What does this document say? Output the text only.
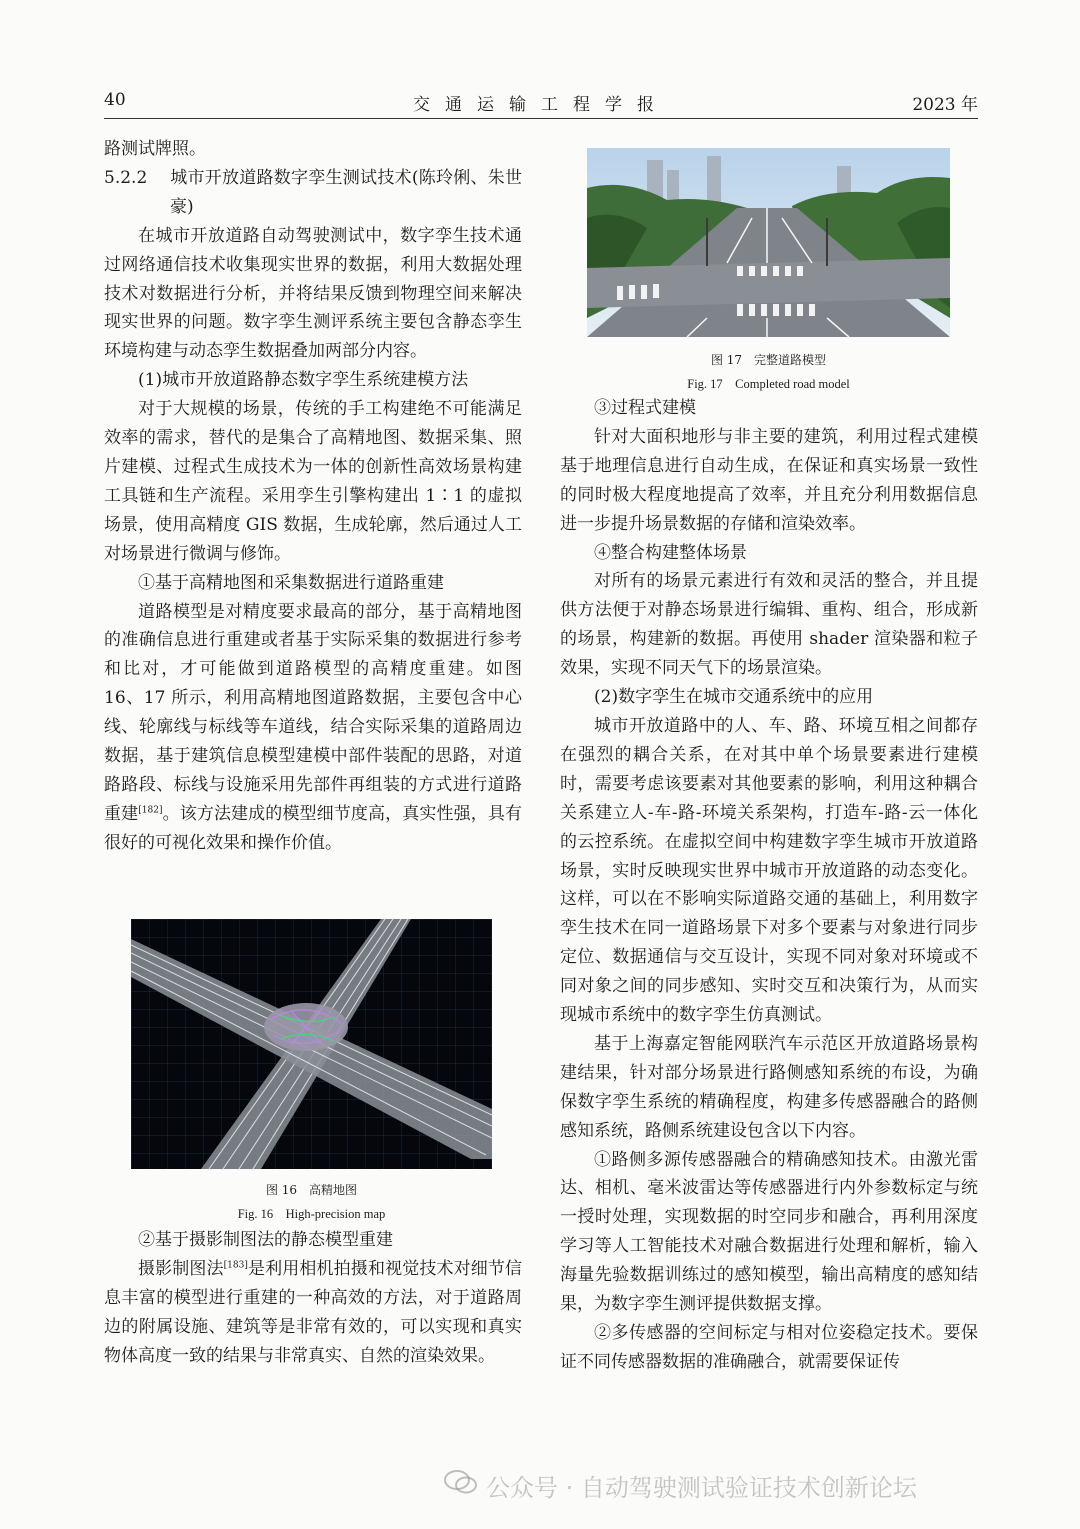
40	交通运输工程学报	2023 年

路测试牌照。

5.2.2 城市开放道路数字孪生测试技术(陈玲俐、朱世豪)

在城市开放道路自动驾驶测试中，数字孪生技术通过网络通信技术收集现实世界的数据，利用大数据处理技术对数据进行分析，并将结果反馈到物理空间来解决现实世界的问题。数字孪生测评系统主要包含静态孪生环境构建与动态孪生数据叠加两部分内容。

(1)城市开放道路静态数字孪生系统建模方法

对于大规模的场景，传统的手工构建绝不可能满足效率的需求，替代的是集合了高精地图、数据采集、照片建模、过程式生成技术为一体的创新性高效场景构建工具链和生产流程。采用孪生引擎构建出 1∶1 的虚拟场景，使用高精度 GIS 数据，生成轮廓，然后通过人工对场景进行微调与修饰。

①基于高精地图和采集数据进行道路重建

道路模型是对精度要求最高的部分，基于高精地图的准确信息进行重建或者基于实际采集的数据进行参考和比对，才可能做到道路模型的高精度重建。如图 16、17 所示，利用高精地图道路数据，主要包含中心线、轮廓线与标线等车道线，结合实际采集的道路周边数据，基于建筑信息模型建模中部件装配的思路，对道路路段、标线与设施采用先部件再组装的方式进行道路重建[182]。该方法建成的模型细节度高，真实性强，具有很好的可视化效果和操作价值。

②基于摄影制图法的静态模型重建

摄影制图法[183]是利用相机拍摄和视觉技术对细节信息丰富的模型进行重建的一种高效的方法，对于道路周边的附属设施、建筑等是非常有效的，可以实现和真实物体高度一致的结果与非常真实、自然的渲染效果。

图 16　高精地图
Fig. 16　High-precision map
图 17　完整道路模型
Fig. 17　Completed road model

③过程式建模

针对大面积地形与非主要的建筑，利用过程式建模基于地理信息进行自动生成，在保证和真实场景一致性的同时极大程度地提高了效率，并且充分利用数据信息进一步提升场景数据的存储和渲染效率。

④整合构建整体场景

对所有的场景元素进行有效和灵活的整合，并且提供方法便于对静态场景进行编辑、重构、组合，形成新的场景，构建新的数据。再使用 shader 渲染器和粒子效果，实现不同天气下的场景渲染。

(2)数字孪生在城市交通系统中的应用

城市开放道路中的人、车、路、环境互相之间都存在强烈的耦合关系，在对其中单个场景要素进行建模时，需要考虑该要素对其他要素的影响，利用这种耦合关系建立人-车-路-环境关系架构，打造车-路-云一体化的云控系统。在虚拟空间中构建数字孪生城市开放道路场景，实时反映现实世界中城市开放道路的动态变化。这样，可以在不影响实际道路交通的基础上，利用数字孪生技术在同一道路场景下对多个要素与对象进行同步定位、数据通信与交互设计，实现不同对象对环境或不同对象之间的同步感知、实时交互和决策行为，从而实现城市系统中的数字孪生仿真测试。

基于上海嘉定智能网联汽车示范区开放道路场景构建结果，针对部分场景进行路侧感知系统的布设，为确保数字孪生系统的精确程度，构建多传感器融合的路侧感知系统，路侧系统建设包含以下内容。

①路侧多源传感器融合的精确感知技术。由激光雷达、相机、毫米波雷达等传感器进行内外参数标定与统一授时处理，实现数据的时空同步和融合，再利用深度学习等人工智能技术对融合数据进行处理和解析，输入海量先验数据训练过的感知模型，输出高精度的感知结果，为数字孪生测评提供数据支撑。

②多传感器的空间标定与相对位姿稳定技术。要保证不同传感器数据的准确融合，就需要保证传

公众号 · 自动驾驶测试验证技术创新论坛
